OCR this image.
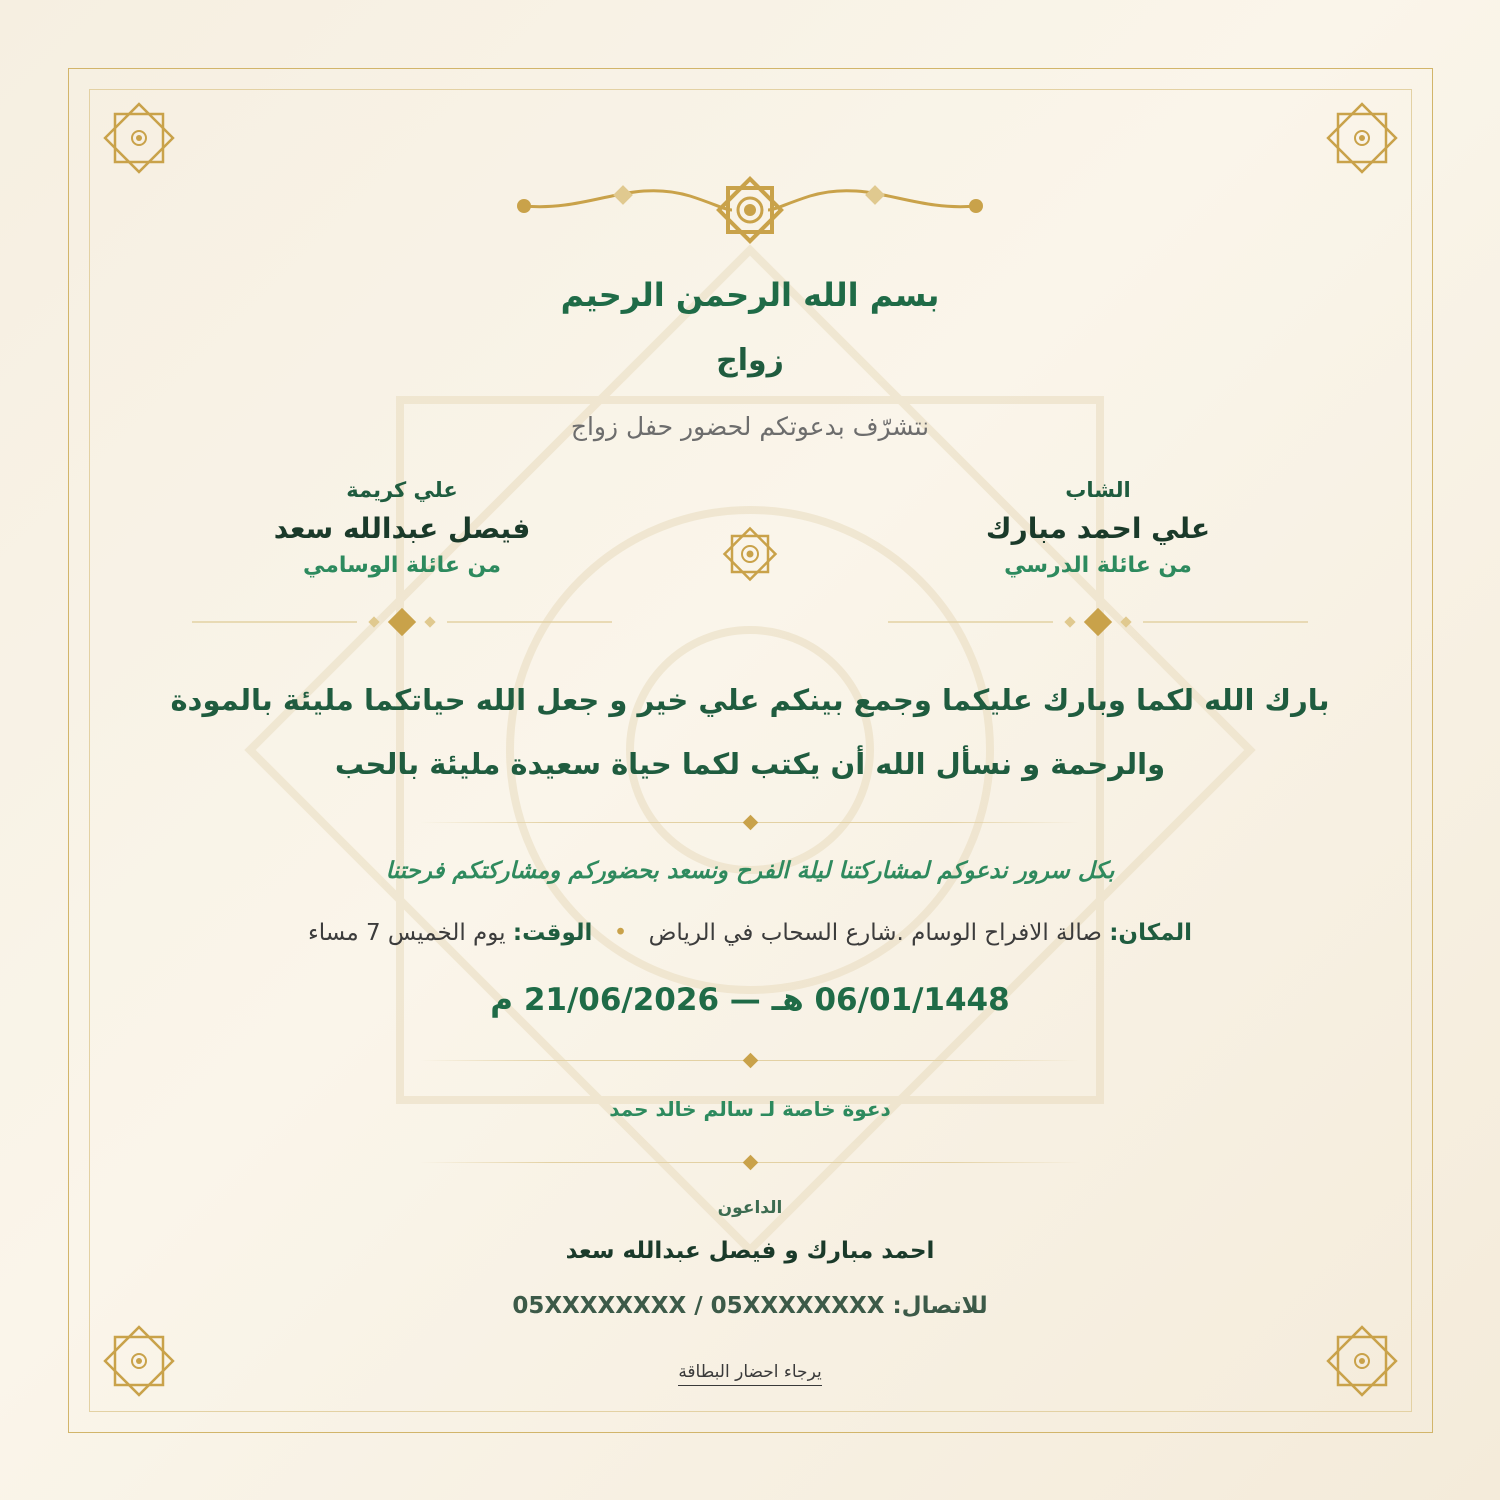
بسم الله الرحمن الرحيم
زواج
نتشرّف بدعوتكم لحضور حفل زواج
الشاب
علي احمد مبارك
من عائلة الدرسي
علي كريمة
فيصل عبدالله سعد
من عائلة الوسامي
بارك الله لكما وبارك عليكما وجمع بينكم علي خير و جعل الله حياتكما مليئة بالمودة والرحمة و نسأل الله أن يكتب لكما حياة سعيدة مليئة بالحب
بكل سرور ندعوكم لمشاركتنا ليلة الفرح ونسعد بحضوركم ومشاركتكم فرحتنا
المكان: صالة الافراح الوسام .شارع السحاب في الرياض • الوقت: يوم الخميس 7 مساء
06/01/1448 هـ — 21/06/2026 م
دعوة خاصة لـ سالم خالد حمد
الداعون
احمد مبارك و فيصل عبدالله سعد
للاتصال: 05XXXXXXXX / 05XXXXXXXX
يرجاء احضار البطاقة
